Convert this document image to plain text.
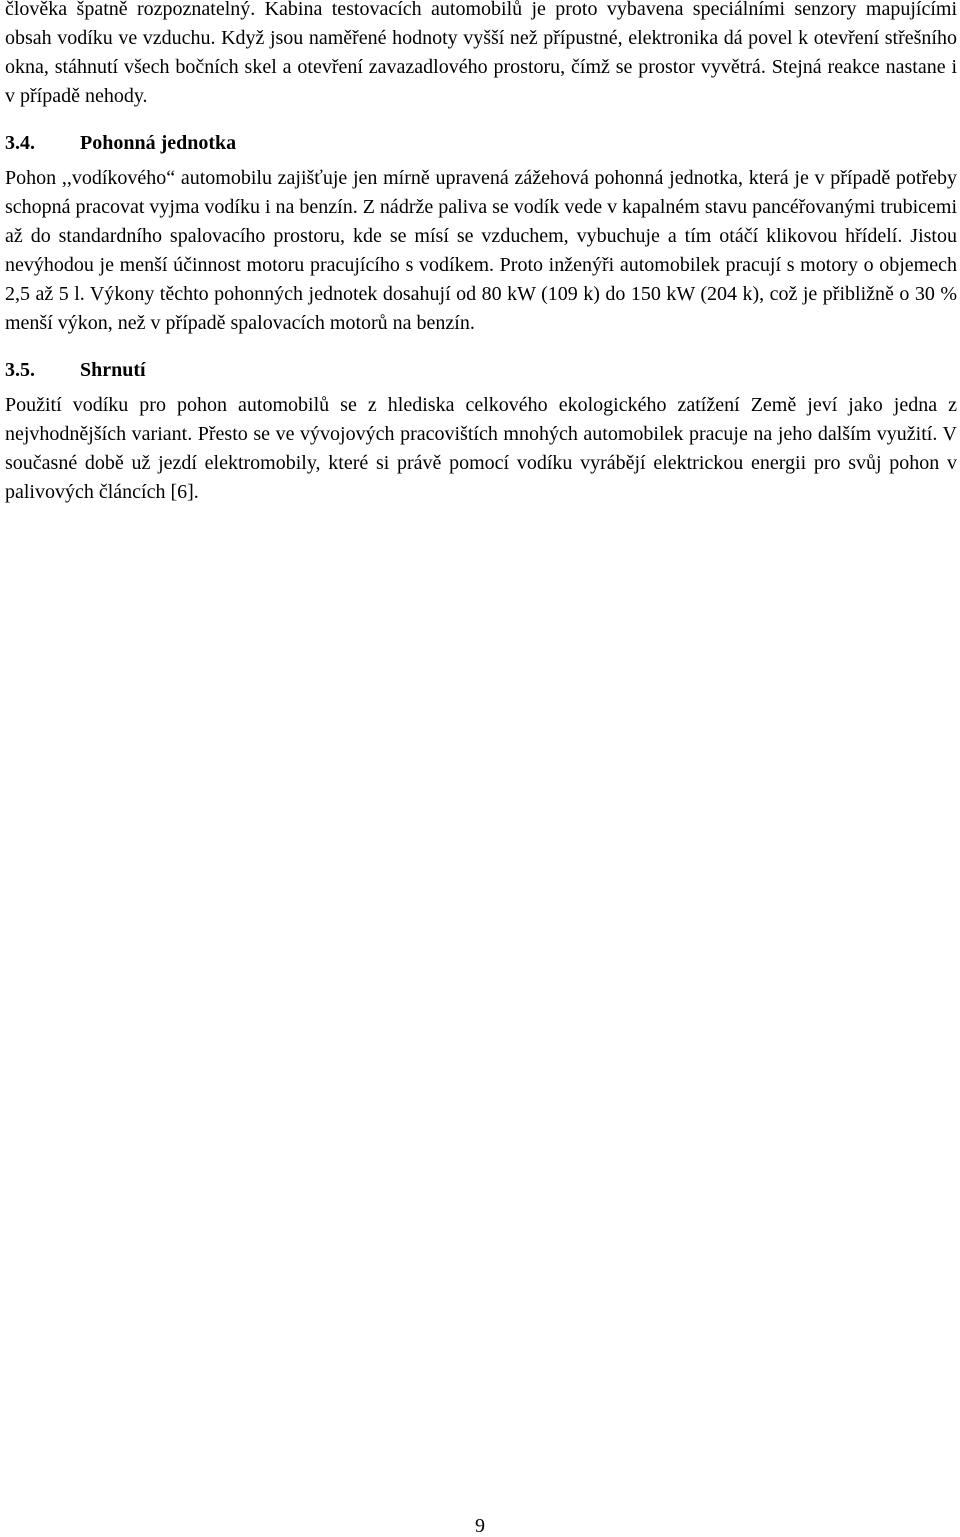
člověka špatně rozpoznatelný. Kabina testovacích automobilů je proto vybavena speciálními senzory mapujícími obsah vodíku ve vzduchu. Když jsou naměřené hodnoty vyšší než přípustné, elektronika dá povel k otevření střešního okna, stáhnutí všech bočních skel a otevření zavazadlového prostoru, čímž se prostor vyvětrá. Stejná reakce nastane i v případě nehody.

3.4. Pohonná jednotka

Pohon ,,vodíkového“ automobilu zajišťuje jen mírně upravená zážehová pohonná jednotka, která je v případě potřeby schopná pracovat vyjma vodíku i na benzín. Z nádrže paliva se vodík vede v kapalném stavu pancéřovanými trubicemi až do standardního spalovacího prostoru, kde se mísí se vzduchem, vybuchuje a tím otáčí klikovou hřídelí. Jistou nevýhodou je menší účinnost motoru pracujícího s vodíkem. Proto inženýři automobilek pracují s motory o objemech 2,5 až 5 l. Výkony těchto pohonných jednotek dosahují od 80 kW (109 k) do 150 kW (204 k), což je přibližně o 30 % menší výkon, než v případě spalovacích motorů na benzín.

3.5. Shrnutí

Použití vodíku pro pohon automobilů se z hlediska celkového ekologického zatížení Země jeví jako jedna z nejvhodnějších variant. Přesto se ve vývojových pracovištích mnohých automobilek pracuje na jeho dalším využití. V současné době už jezdí elektromobily, které si právě pomocí vodíku vyrábějí elektrickou energii pro svůj pohon v palivových článcích [6].

9
